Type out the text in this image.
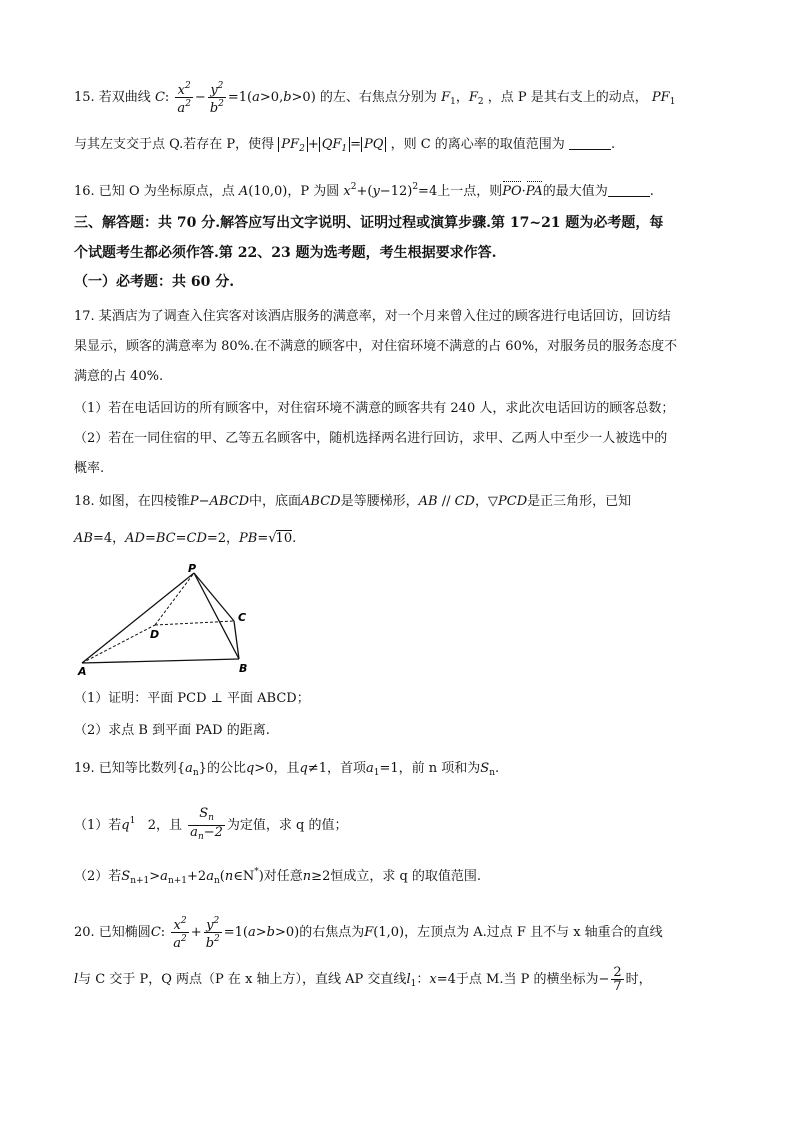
15. 若双曲线 C: $\frac{x^2}{a^2} - \frac{y^2}{b^2} =1(a>0,b>0)$ 的左、右焦点分别为 $F_1$，$F_2$ ，点 P 是其右支上的动点， $PF_1$
与其左支交于点 Q.若存在 P，使得 $PF_2 + QF_1$ = PQ ，则 C 的离心率的取值范围为	.
16. 已知 O 为坐标原点，点 A(10,0)，P 为圆 $x^2+(y-12)^2=4$上一点，则PO·PA的最大值为	.
三、解答题：共 70 分.解答应写出文字说明、证明过程或演算步骤.第 17~21 题为必考题，每
个试题考生都必须作答.第 22、23 题为选考题，考生根据要求作答.
（一）必考题：共 60 分.
17. 某酒店为了调查入住宾客对该酒店服务的满意率，对一个月来曾入住过的顾客进行电话回访，回访结
果显示，顾客的满意率为 80%.在不满意的顾客中，对住宿环境不满意的占 60%，对服务员的服务态度不
满意的占 40%.
（1）若在电话回访的所有顾客中，对住宿环境不满意的顾客共有 240 人，求此次电话回访的顾客总数；
（2）若在一同住宿的甲、乙等五名顾客中，随机选择两名进行回访，求甲、乙两人中至少一人被选中的
概率.
18. 如图，在四棱锥P−ABCD中，底面ABCD是等腰梯形，AB // CD，▽PCD是正三角形，已知
AB=4，AD=BC=CD=2，PB=√10.
P
C
D
A	B
（1）证明：平面 PCD ⊥ 平面 ABCD；
（2）求点 B 到平面 PAD 的距离.
19. 已知等比数列$\{a_n\}$的公比q>0，且q≠1，首项$a_1=1$，前 n 项和为$S_n$.
（1）若$q^1$   2，且 $\frac{S_n}{a_n-2}$ 为定值，求 q 的值；
（2）若$S_{n+1}>a_{n+1}+2a_n(n\in N^*)$对任意n≥2恒成立，求 q 的取值范围.
20. 已知椭圆C: $\frac{x^2}{a^2} + \frac{y^2}{b^2} =1(a>b>0)$的右焦点为F(1,0)，左顶点为 A.过点 F 且不与 x 轴重合的直线
l与 C 交于 P，Q 两点（P 在 x 轴上方），直线 AP 交直线$l_1$：x=4于点 M.当 P 的横坐标为− $\frac{2}{7}$ 时，
